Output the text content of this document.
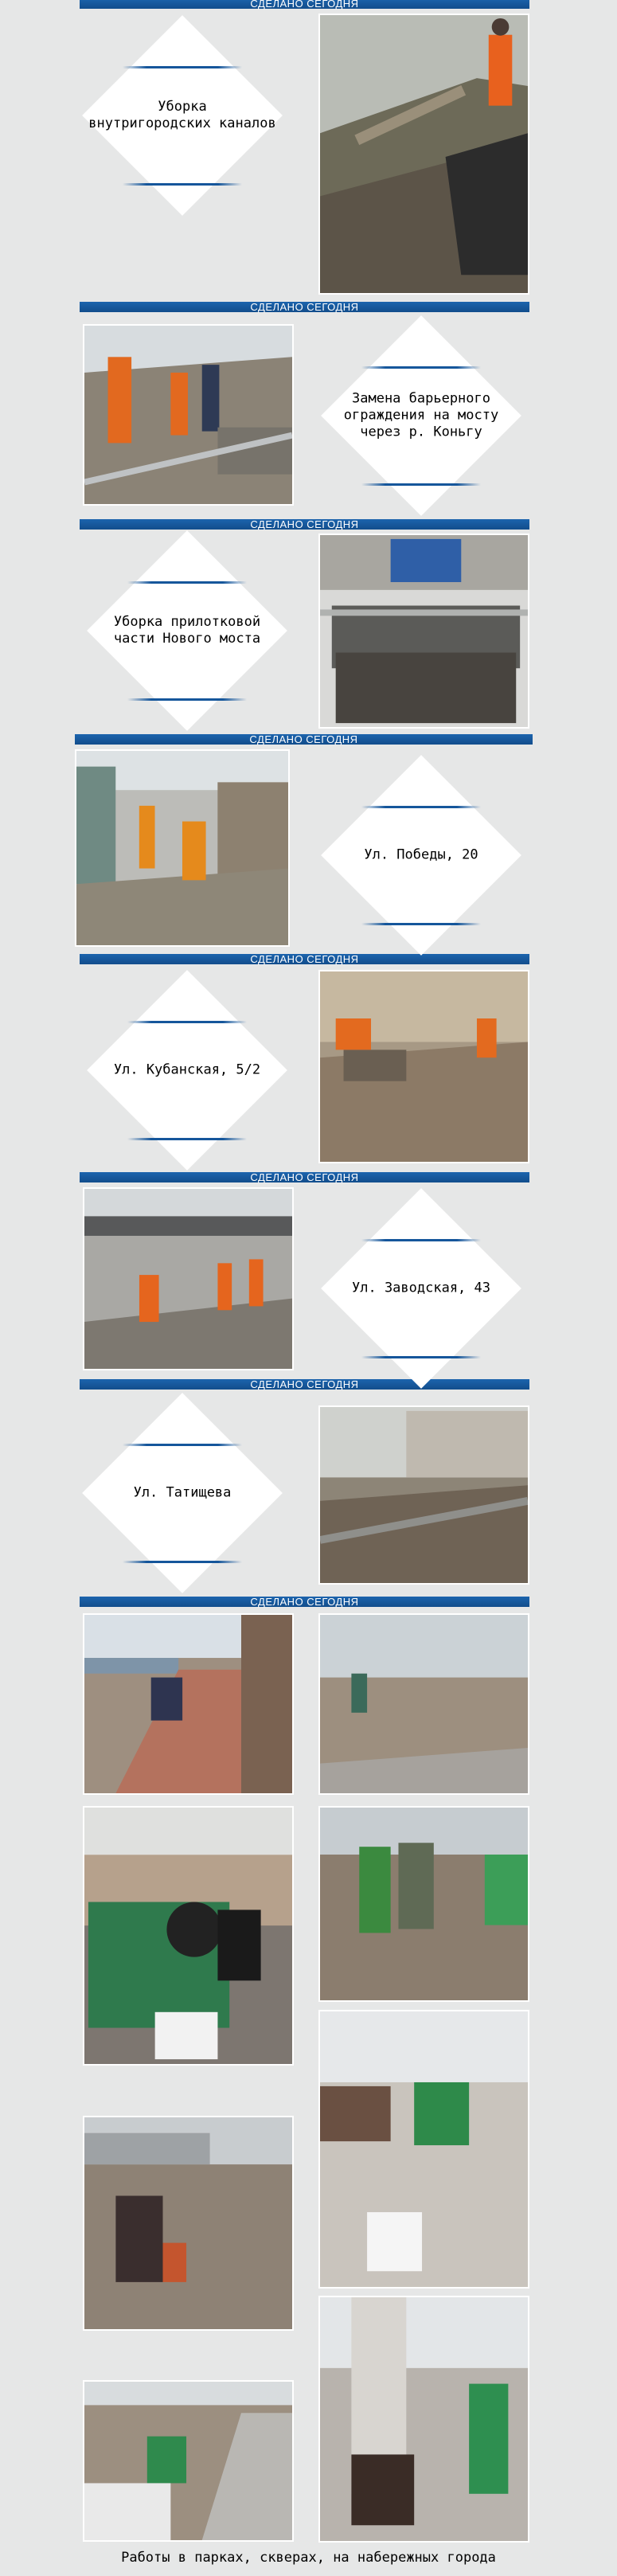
СДЕЛАНО СЕГОДНЯ
СДЕЛАНО СЕГОДНЯ
СДЕЛАНО СЕГОДНЯ
СДЕЛАНО СЕГОДНЯ
СДЕЛАНО СЕГОДНЯ
СДЕЛАНО СЕГОДНЯ
СДЕЛАНО СЕГОДНЯ
СДЕЛАНО СЕГОДНЯ
Уборка
внутригородских каналов
Замена барьерного
ограждения на мосту
через р. Коньгу
Уборка прилотковой
части Нового моста
Ул. Победы, 20
Ул. Кубанская, 5/2
Ул. Заводская, 43
Ул. Татищева
Работы в парках, скверах, на набережных города
